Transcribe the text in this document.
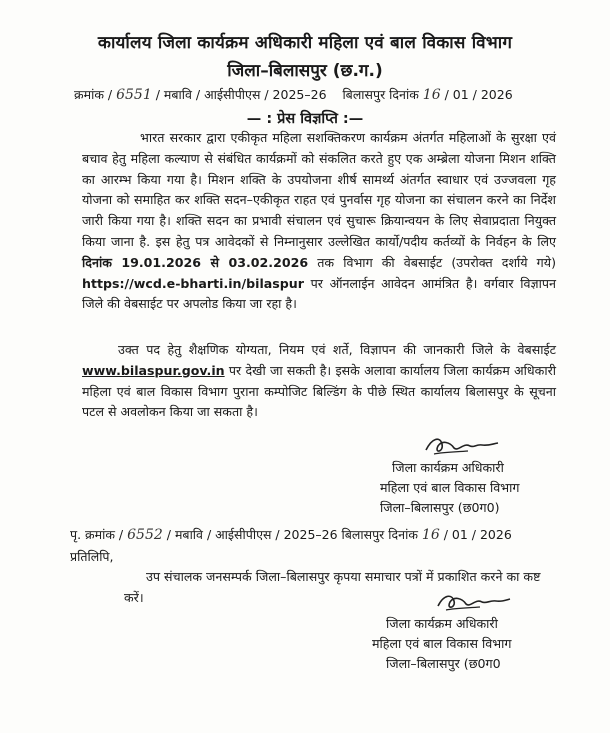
कार्यालय जिला कार्यक्रम अधिकारी महिला एवं बाल विकास विभाग
जिला–बिलासपुर (छ.ग.)
क्रमांक / 6551 / मबावि / आईसीपीएस / 2025–26 बिलासपुर दिनांक 16 / 01 / 2026
— : प्रेस विज्ञप्ति :—

भारत सरकार द्वारा एकीकृत महिला सशक्तिकरण कार्यक्रम अंतर्गत महिलाओं के सुरक्षा एवं बचाव हेतु महिला कल्याण से संबंधित कार्यक्रमों को संकलित करते हुए एक अम्ब्रेला योजना मिशन शक्ति का आरम्भ किया गया है। मिशन शक्ति के उपयोजना शीर्ष सामर्थ्य अंतर्गत स्वाधार एवं उज्जवला गृह योजना को समाहित कर शक्ति सदन–एकीकृत राहत एवं पुनर्वास गृह योजना का संचालन करने का निर्देश जारी किया गया है। शक्ति सदन का प्रभावी संचालन एवं सुचारू क्रियान्वयन के लिए सेवाप्रदाता नियुक्त किया जाना है. इस हेतु पत्र आवेदकों से निम्नानुसार उल्लेखित कार्यो/पदीय कर्तव्यों के निर्वहन के लिए दिनांक 19.01.2026 से 03.02.2026 तक विभाग की वेबसाईट (उपरोक्त दर्शाये गये) https://wcd.e-bharti.in/bilaspur पर ऑनलाईन आवेदन आमंत्रित है। वर्गवार विज्ञापन जिले की वेबसाईट पर अपलोड किया जा रहा है।

उक्त पद हेतु शैक्षणिक योग्यता, नियम एवं शर्ते, विज्ञापन की जानकारी जिले के वेबसाईट www.bilaspur.gov.in पर देखी जा सकती है। इसके अलावा कार्यालय जिला कार्यक्रम अधिकारी महिला एवं बाल विकास विभाग पुराना कम्पोजिट बिल्डिंग के पीछे स्थित कार्यालय बिलासपुर के सूचना पटल से अवलोकन किया जा सकता है।

जिला कार्यक्रम अधिकारी
महिला एवं बाल विकास विभाग
जिला–बिलासपुर (छ0ग0)
पृ. क्रमांक / 6552 / मबावि / आईसीपीएस / 2025–26 बिलासपुर दिनांक 16 / 01 / 2026
प्रतिलिपि,

उप संचालक जनसम्पर्क जिला–बिलासपुर कृपया समाचार पत्रों में प्रकाशित करने का कष्ट करें।

जिला कार्यक्रम अधिकारी
महिला एवं बाल विकास विभाग
जिला–बिलासपुर (छ0ग0
